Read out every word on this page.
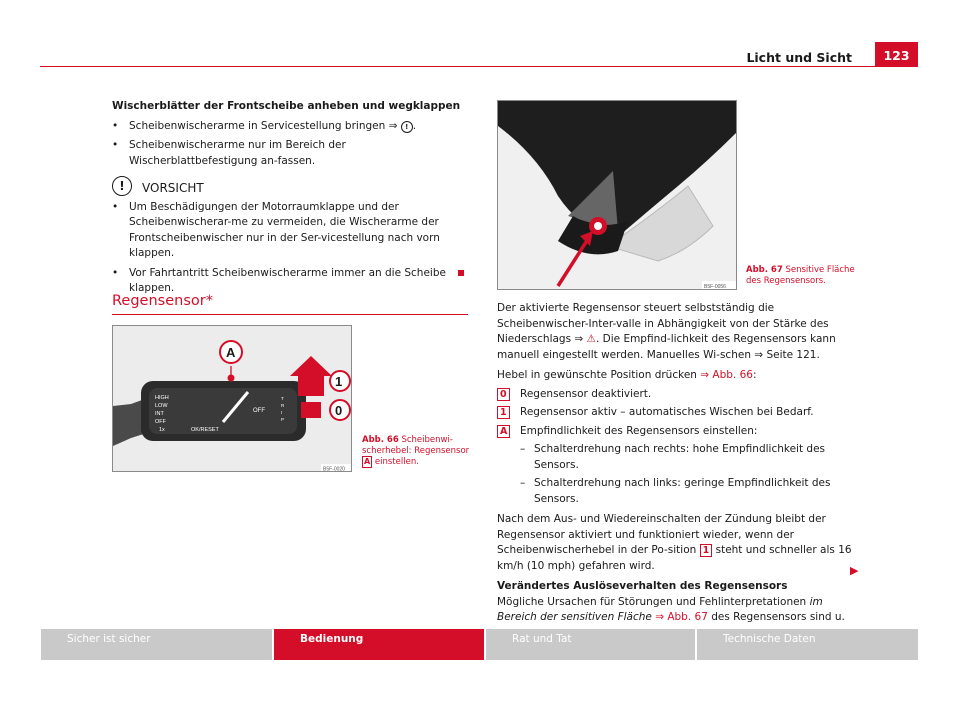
Licht und Sicht	123

Wischerblätter der Frontscheibe anheben und wegklappen

•	Scheibenwischerarme in Servicestellung bringen ⇒ ! .
•	Scheibenwischerarme nur im Bereich der Wischerblattbefestigung an-fassen.
!	VORSICHT
•	Um Beschädigungen der Motorraumklappe und der Scheibenwischerar-me zu vermeiden, die Wischerarme der Frontscheibenwischer nur in der Ser-vicestellung nach vorn klappen.
•	Vor Fahrtantritt Scheibenwischerarme immer an die Scheibe klappen.
Regensensor*
HIGH
LOW
INT
OFF
1x	OK/RESET
OFF
T
R
I
P
A
1
0
B5F-0020
Abb. 66 Scheibenwi-scherhebel: Regensensor A einstellen.
B5F-0056
Abb. 67 Sensitive Fläche des Regensensors.

Der aktivierte Regensensor steuert selbstständig die Scheibenwischer-Inter-valle in Abhängigkeit von der Stärke des Niederschlags ⇒ ⚠. Die Empfind-lichkeit des Regensensors kann manuell eingestellt werden. Manuelles Wi-schen ⇒ Seite 121.

Hebel in gewünschte Position drücken ⇒ Abb. 66:

0	Regensensor deaktiviert.
1	Regensensor aktiv – automatisches Wischen bei Bedarf.
A	Empfindlichkeit des Regensensors einstellen:
– Schalterdrehung nach rechts: hohe Empfindlichkeit des Sensors.
– Schalterdrehung nach links: geringe Empfindlichkeit des Sensors.

Nach dem Aus- und Wiedereinschalten der Zündung bleibt der Regensensor aktiviert und funktioniert wieder, wenn der Scheibenwischerhebel in der Po-sition 1 steht und schneller als 16 km/h (10 mph) gefahren wird.

Verändertes Auslöseverhalten des Regensensors

Mögliche Ursachen für Störungen und Fehlinterpretationen im Bereich der sensitiven Fläche ⇒ Abb. 67 des Regensensors sind u.

▶
Sicher ist sicher	Bedienung	Rat und Tat	Technische Daten
